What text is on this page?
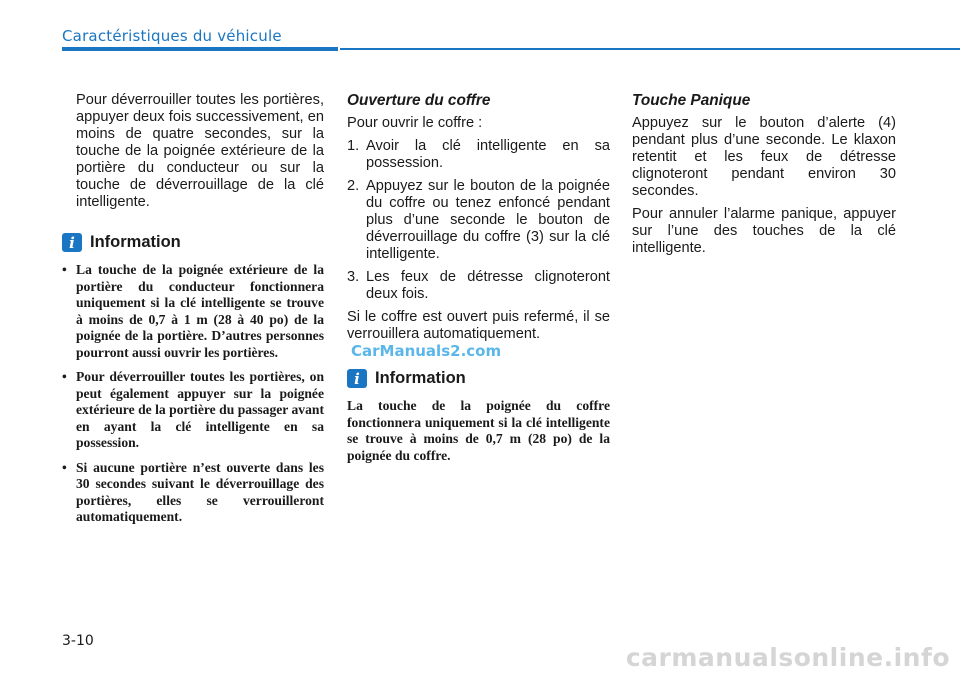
Caractéristiques du véhicule
Pour déverrouiller toutes les portières, appuyer deux fois successivement, en moins de quatre secondes, sur la touche de la poignée extérieure de la portière du conducteur ou sur la touche de déverrouillage de la clé intelligente.
i Information
• La touche de la poignée extérieure de la portière du conducteur fonctionnera uniquement si la clé intelligente se trouve à moins de 0,7 à 1 m (28 à 40 po) de la poignée de la portière. D’autres personnes pourront aussi ouvrir les portières.
• Pour déverrouiller toutes les portières, on peut également appuyer sur la poignée extérieure de la portière du passager avant en ayant la clé intelligente en sa possession.
• Si aucune portière n’est ouverte dans les 30 secondes suivant le déverrouillage des portières, elles se verrouilleront automatiquement.
Ouverture du coffre

Pour ouvrir le coffre :

1. Avoir la clé intelligente en sa possession.
2. Appuyez sur le bouton de la poignée du coffre ou tenez enfoncé pendant plus d’une seconde le bouton de déverrouillage du coffre (3) sur la clé intelligente.
3. Les feux de détresse clignoteront deux fois.

Si le coffre est ouvert puis refermé, il se verrouillera automatiquement.

i Information
La touche de la poignée du coffre fonctionnera uniquement si la clé intelligente se trouve à moins de 0,7 m (28 po) de la poignée du coffre.
Touche Panique

Appuyez sur le bouton d’alerte (4) pendant plus d’une seconde. Le klaxon retentit et les feux de détresse clignoteront pendant environ 30 secondes.

Pour annuler l’alarme panique, appuyer sur l’une des touches de la clé intelligente.

CarManuals2.com
3-10
carmanualsonline.info
